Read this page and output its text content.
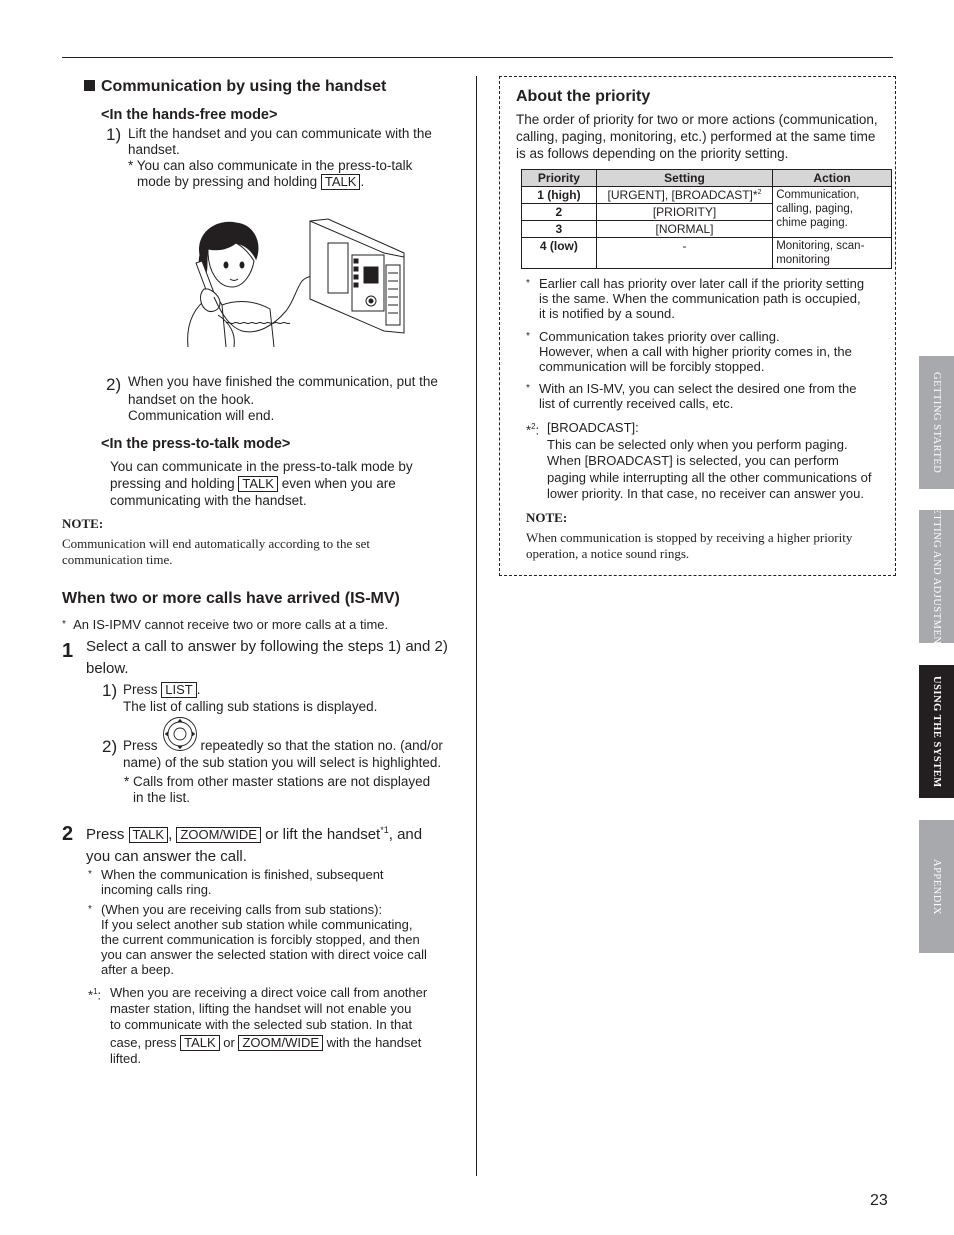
Communication by using the handset
<In the hands-free mode>
1) Lift the handset and you can communicate with the
handset.
* You can also communicate in the press-to-talk
mode by pressing and holding TALK .
2) When you have finished the communication, put the
handset on the hook.
Communication will end.
<In the press-to-talk mode>
You can communicate in the press-to-talk mode by
pressing and holding TALK even when you are
communicating with the handset.
NOTE:
Communication will end automatically according to the set
communication time.
When two or more calls have arrived (IS-MV)
* An IS-IPMV cannot receive two or more calls at a time.
1 Select a call to answer by following the steps 1) and 2)
below.
1) Press LIST .
The list of calling sub stations is displayed.
2) Press	repeatedly so that the station no. (and/or
name) of the sub station you will select is highlighted.
* Calls from other master stations are not displayed
in the list.
2 Press TALK , ZOOM/WIDE or lift the handset$^{*1}$, and
you can answer the call.
* When the communication is finished, subsequent
incoming calls ring.
* (When you are receiving calls from sub stations):
If you select another sub station while communicating,
the current communication is forcibly stopped, and then
you can answer the selected station with direct voice call
after a beep.
*$^1$: When you are receiving a direct voice call from another
master station, lifting the handset will not enable you
to communicate with the selected sub station. In that
case, press TALK or ZOOM/WIDE with the handset
lifted.
About the priority
The order of priority for two or more actions (communication,
calling, paging, monitoring, etc.) performed at the same time
is as follows depending on the priority setting.
Priority	Setting	Action
1 (high)	[URGENT], [BROADCAST]*$^2$	Communication,
calling, paging,
chime paging.

2	[PRIORITY]	
3	[NORMAL]	
4 (low)	-	Monitoring, scan-
monitoring
* Earlier call has priority over later call if the priority setting
is the same. When the communication path is occupied,
it is notified by a sound.
* Communication takes priority over calling.
However, when a call with higher priority comes in, the
communication will be forcibly stopped.
* With an IS-MV, you can select the desired one from the
list of currently received calls, etc.
*$^2$: [BROADCAST]:
This can be selected only when you perform paging.
When [BROADCAST] is selected, you can perform
paging while interrupting all the other communications of
lower priority. In that case, no receiver can answer you.
NOTE:
When communication is stopped by receiving a higher priority
operation, a notice sound rings.
GETTING STARTED
SETTING AND ADJUSTMENT
USING THE SYSTEM
APPENDIX
23
